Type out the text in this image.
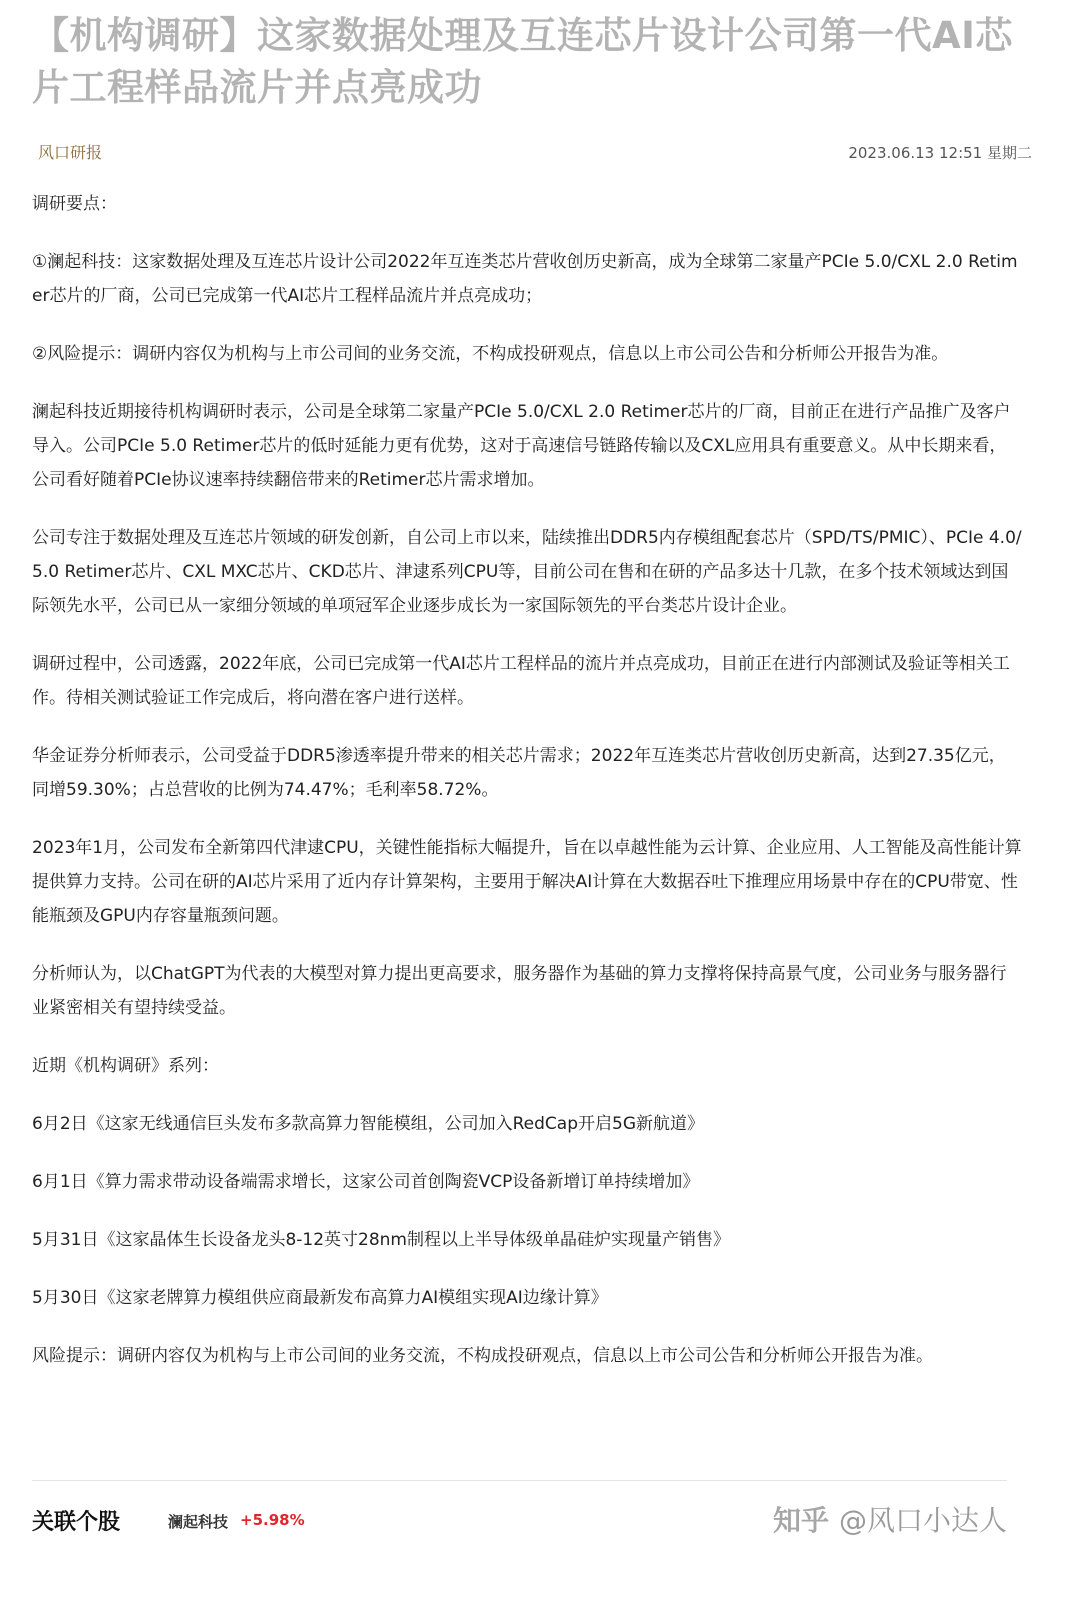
【机构调研】这家数据处理及互连芯片设计公司第一代AI芯片工程样品流片并点亮成功
风口研报	2023.06.13 12:51 星期二

调研要点：

①澜起科技：这家数据处理及互连芯片设计公司2022年互连类芯片营收创历史新高，成为全球第二家量产PCIe 5.0/CXL 2.0 Retimer芯片的厂商，公司已完成第一代AI芯片工程样品流片并点亮成功；

②风险提示：调研内容仅为机构与上市公司间的业务交流，不构成投研观点，信息以上市公司公告和分析师公开报告为准。

澜起科技近期接待机构调研时表示，公司是全球第二家量产PCIe 5.0/CXL 2.0 Retimer芯片的厂商，目前正在进行产品推广及客户导入。公司PCIe 5.0 Retimer芯片的低时延能力更有优势，这对于高速信号链路传输以及CXL应用具有重要意义。从中长期来看，公司看好随着PCIe协议速率持续翻倍带来的Retimer芯片需求增加。

公司专注于数据处理及互连芯片领域的研发创新，自公司上市以来，陆续推出DDR5内存模组配套芯片（SPD/TS/PMIC）、PCIe 4.0/5.0 Retimer芯片、CXL MXC芯片、CKD芯片、津逮系列CPU等，目前公司在售和在研的产品多达十几款，在多个技术领域达到国际领先水平，公司已从一家细分领域的单项冠军企业逐步成长为一家国际领先的平台类芯片设计企业。

调研过程中，公司透露，2022年底，公司已完成第一代AI芯片工程样品的流片并点亮成功，目前正在进行内部测试及验证等相关工作。待相关测试验证工作完成后，将向潜在客户进行送样。

华金证券分析师表示，公司受益于DDR5渗透率提升带来的相关芯片需求；2022年互连类芯片营收创历史新高，达到27.35亿元，同增59.30%；占总营收的比例为74.47%；毛利率58.72%。

2023年1月，公司发布全新第四代津逮CPU，关键性能指标大幅提升，旨在以卓越性能为云计算、企业应用、人工智能及高性能计算提供算力支持。公司在研的AI芯片采用了近内存计算架构，主要用于解决AI计算在大数据吞吐下推理应用场景中存在的CPU带宽、性能瓶颈及GPU内存容量瓶颈问题。

分析师认为，以ChatGPT为代表的大模型对算力提出更高要求，服务器作为基础的算力支撑将保持高景气度，公司业务与服务器行业紧密相关有望持续受益。

近期《机构调研》系列：

6月2日《这家无线通信巨头发布多款高算力智能模组，公司加入RedCap开启5G新航道》

6月1日《算力需求带动设备端需求增长，这家公司首创陶瓷VCP设备新增订单持续增加》

5月31日《这家晶体生长设备龙头8-12英寸28nm制程以上半导体级单晶硅炉实现量产销售》

5月30日《这家老牌算力模组供应商最新发布高算力AI模组实现AI边缘计算》

风险提示：调研内容仅为机构与上市公司间的业务交流，不构成投研观点，信息以上市公司公告和分析师公开报告为准。

关联个股	澜起科技 +5.98%	知乎 @风口小达人
